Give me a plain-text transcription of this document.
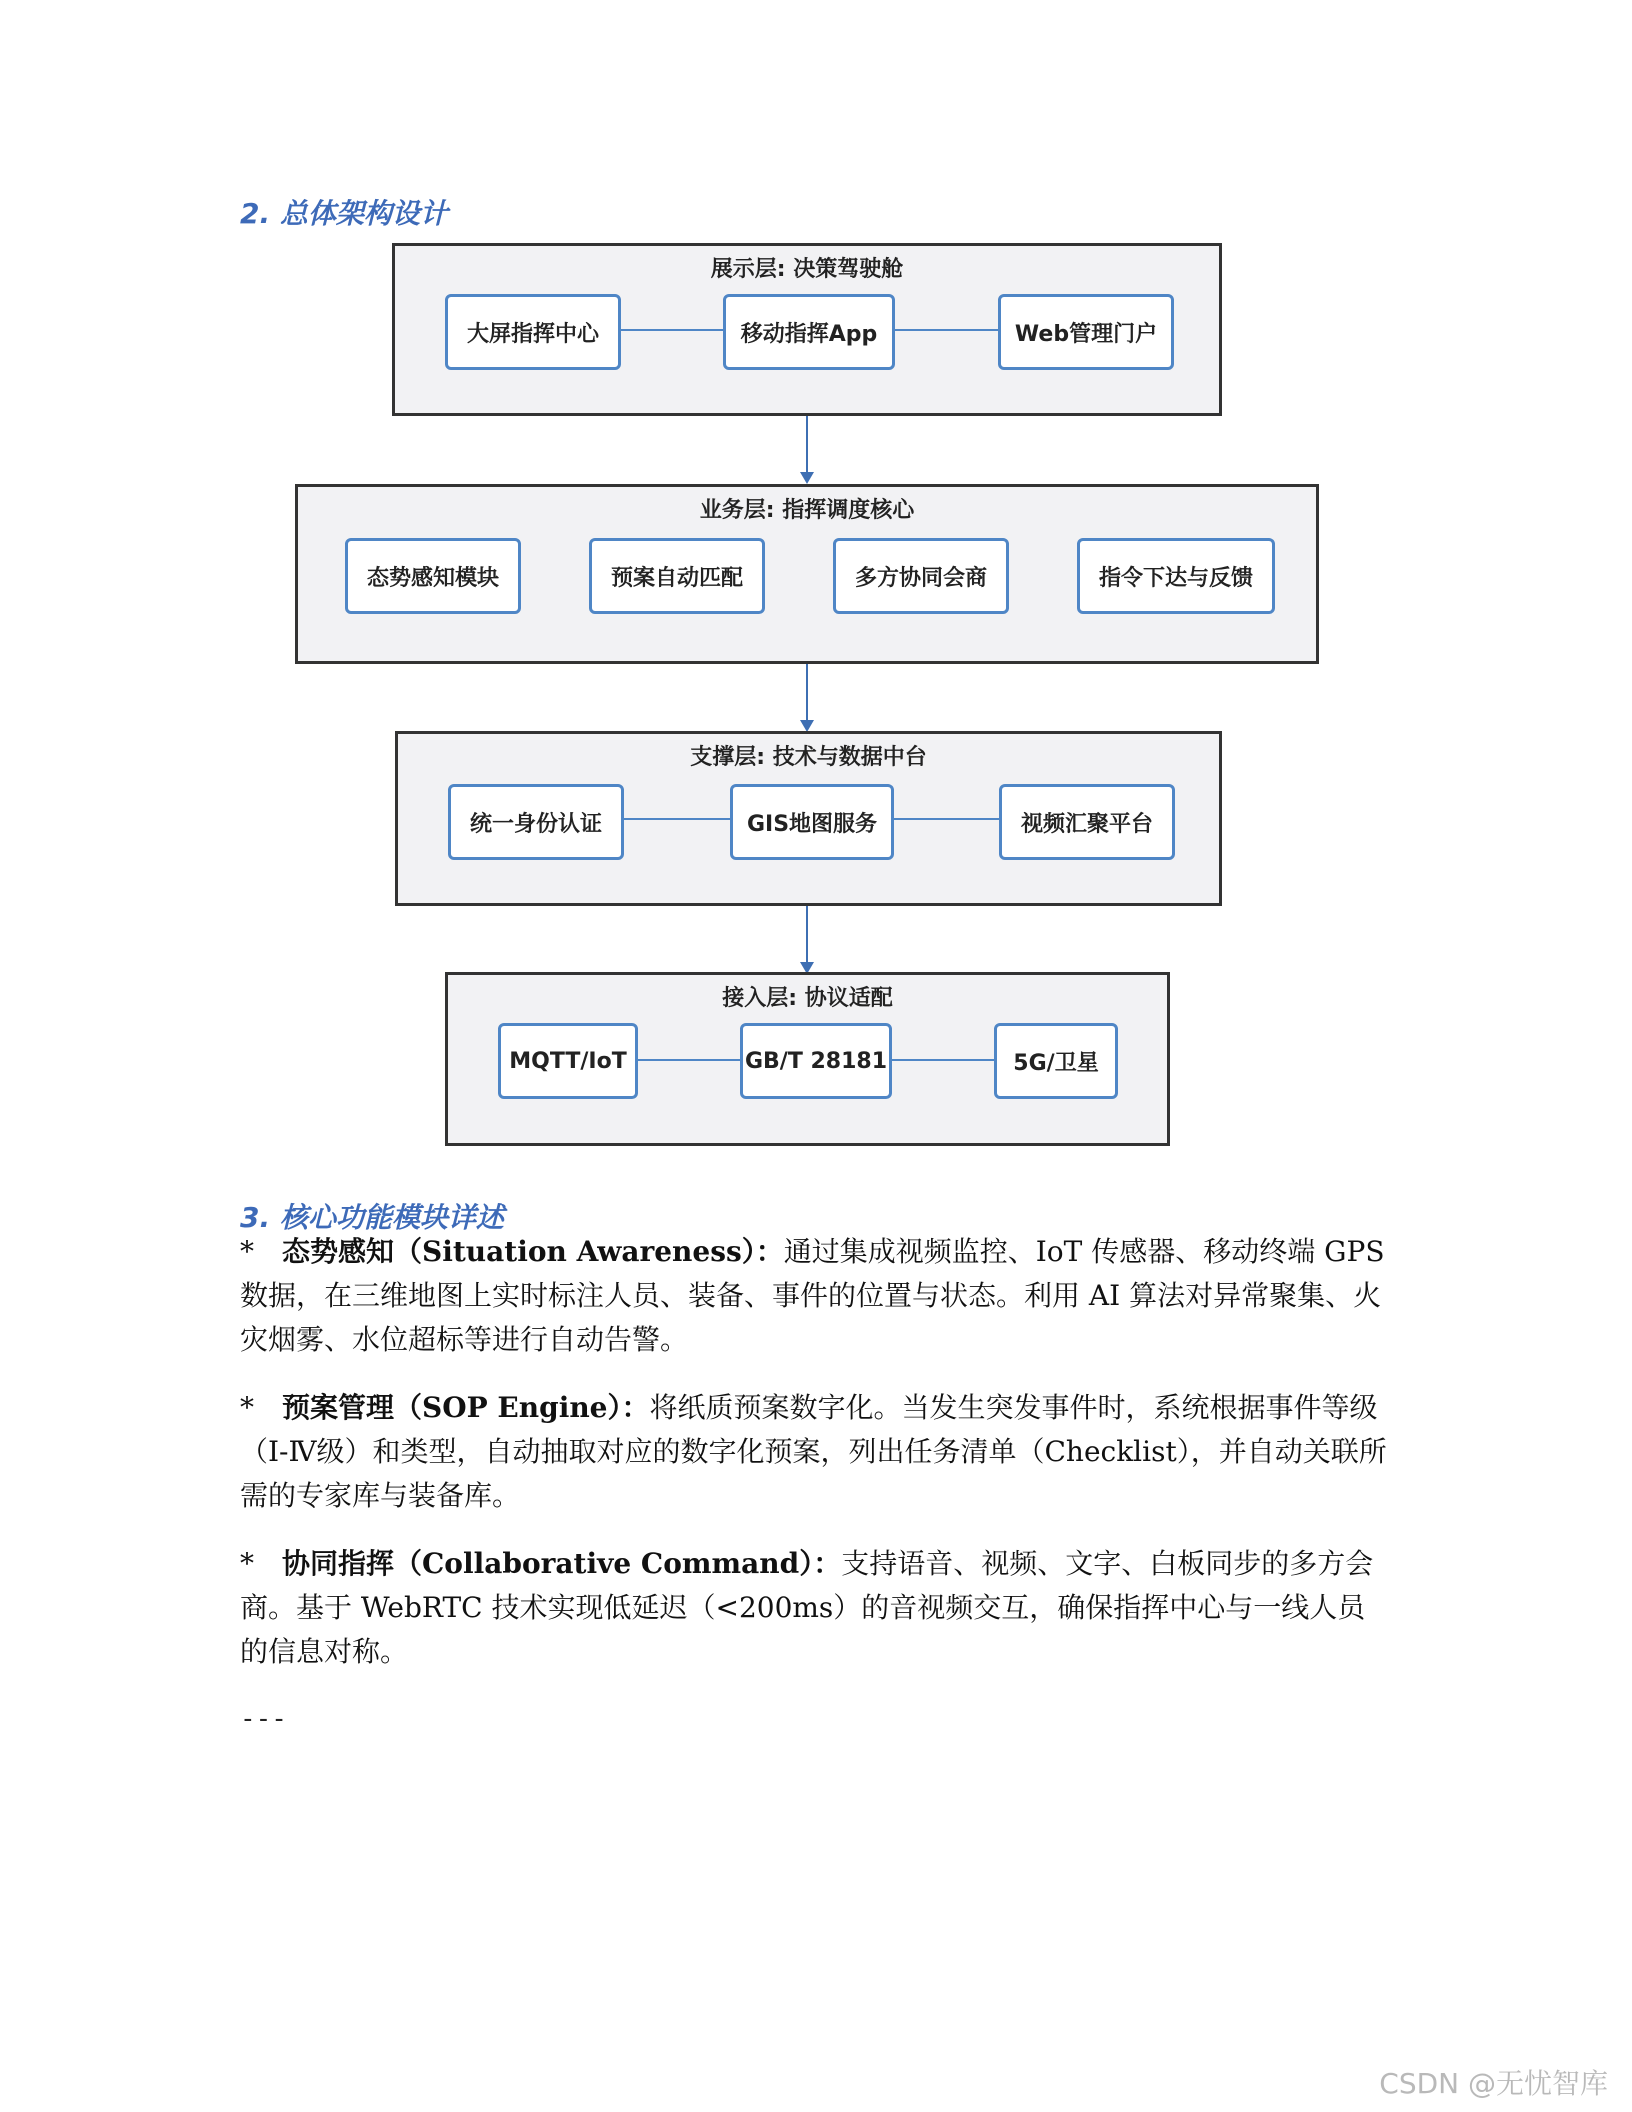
2. 总体架构设计
展示层: 决策驾驶舱
大屏指挥中心	移动指挥App	Web管理门户
业务层: 指挥调度核心
态势感知模块	预案自动匹配	多方协同会商	指令下达与反馈
支撑层: 技术与数据中台
统一身份认证	GIS地图服务	视频汇聚平台
接入层: 协议适配
MQTT/IoT	GB/T 28181	5G/卫星
3. 核心功能模块详述
* 态势感知（Situation Awareness）：通过集成视频监控、IoT 传感器、移动终端 GPS 数据，在三维地图上实时标注人员、装备、事件的位置与状态。利用 AI 算法对异常聚集、火灾烟雾、水位超标等进行自动告警。
* 预案管理（SOP Engine）：将纸质预案数字化。当发生突发事件时，系统根据事件等级（Ⅰ-Ⅳ级）和类型，自动抽取对应的数字化预案，列出任务清单（Checklist），并自动关联所需的专家库与装备库。
* 协同指挥（Collaborative Command）：支持语音、视频、文字、白板同步的多方会商。基于 WebRTC 技术实现低延迟（<200ms）的音视频交互，确保指挥中心与一线人员的信息对称。
---
CSDN @无忧智库
